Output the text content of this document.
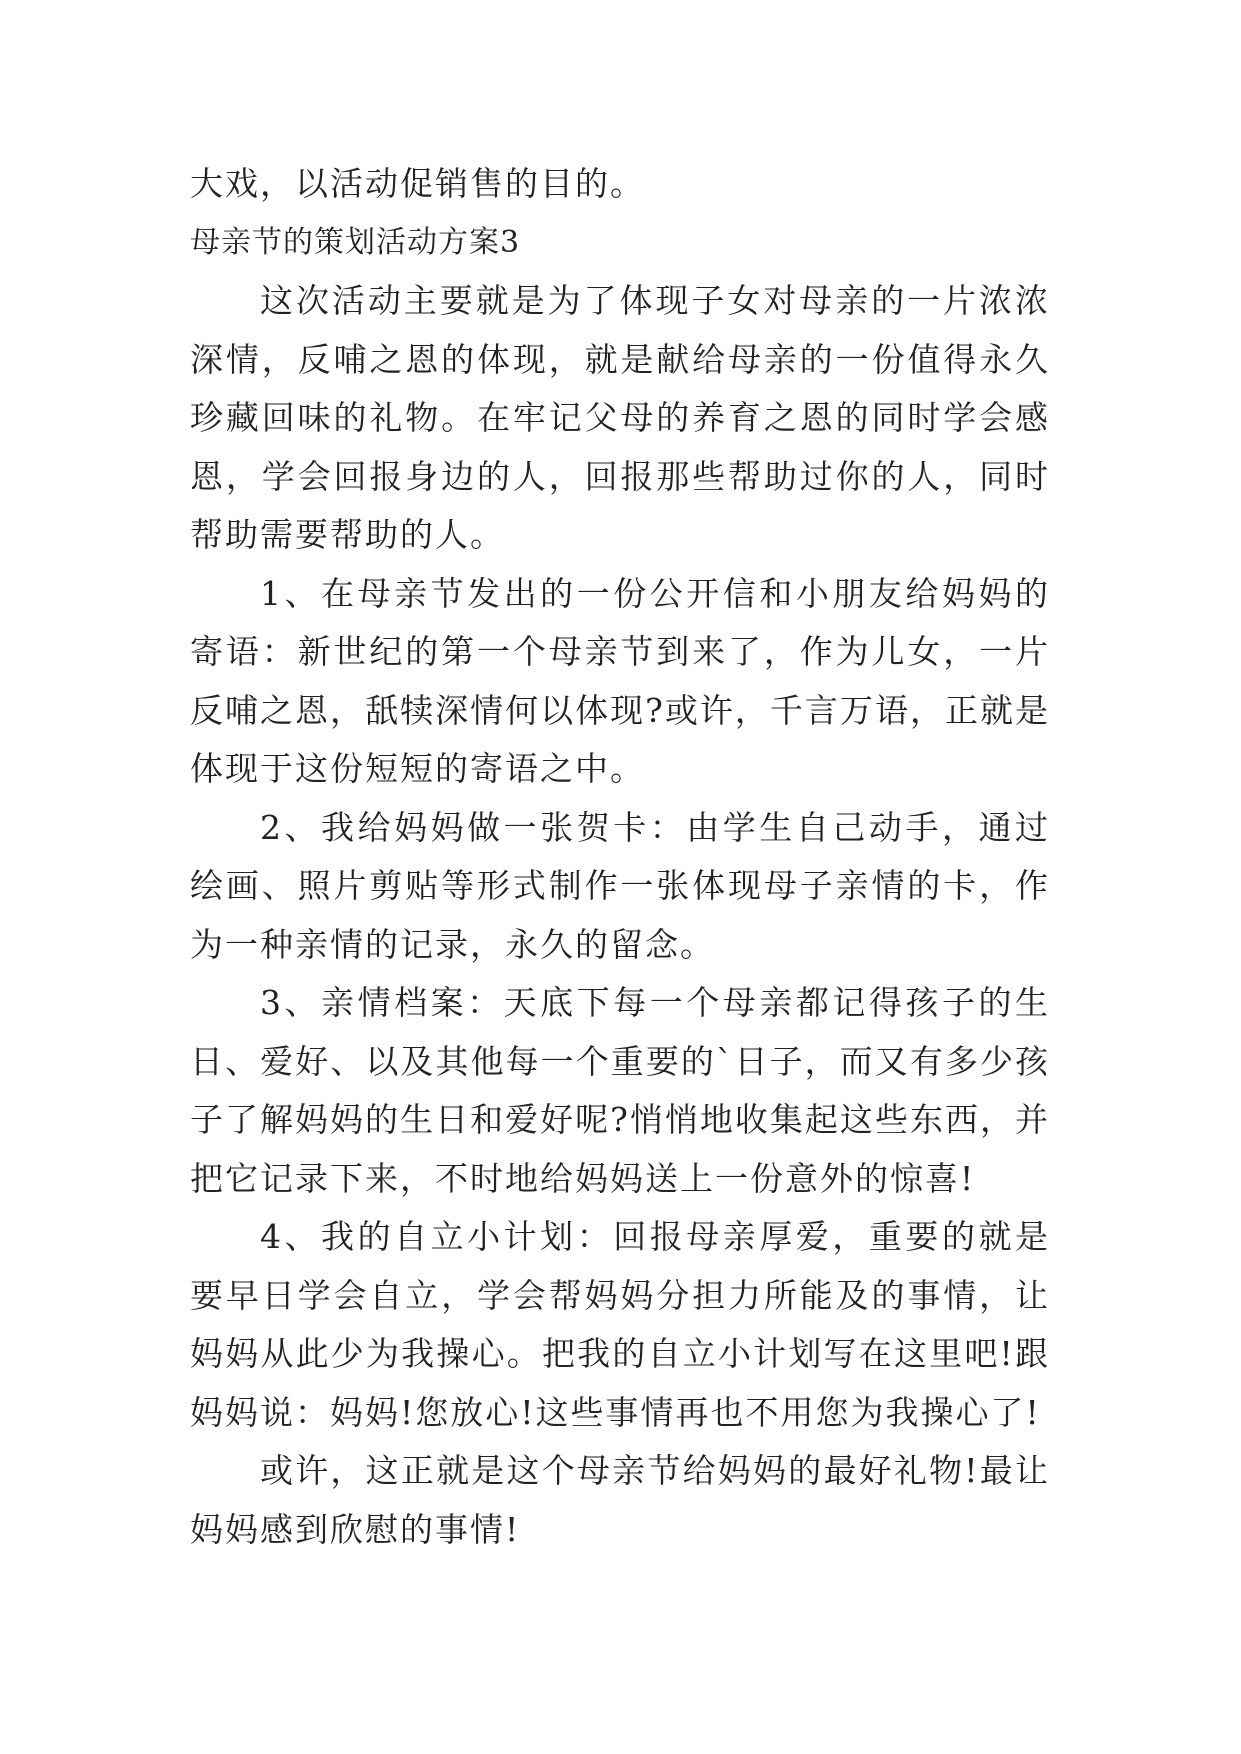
大戏，以活动促销售的目的。

母亲节的策划活动方案3

这次活动主要就是为了体现子女对母亲的一片浓浓深情，反哺之恩的体现，就是献给母亲的一份值得永久珍藏回味的礼物。在牢记父母的养育之恩的同时学会感恩，学会回报身边的人，回报那些帮助过你的人，同时帮助需要帮助的人。

1、在母亲节发出的一份公开信和小朋友给妈妈的寄语：新世纪的第一个母亲节到来了，作为儿女，一片反哺之恩，舐犊深情何以体现?或许，千言万语，正就是体现于这份短短的寄语之中。

2、我给妈妈做一张贺卡：由学生自己动手，通过绘画、照片剪贴等形式制作一张体现母子亲情的卡，作为一种亲情的记录，永久的留念。

3、亲情档案：天底下每一个母亲都记得孩子的生日、爱好、以及其他每一个重要的`日子，而又有多少孩子了解妈妈的生日和爱好呢?悄悄地收集起这些东西，并把它记录下来，不时地给妈妈送上一份意外的惊喜!

4、我的自立小计划：回报母亲厚爱，重要的就是要早日学会自立，学会帮妈妈分担力所能及的事情，让妈妈从此少为我操心。把我的自立小计划写在这里吧!跟妈妈说：妈妈!您放心!这些事情再也不用您为我操心了!

或许，这正就是这个母亲节给妈妈的最好礼物!最让妈妈感到欣慰的事情!
